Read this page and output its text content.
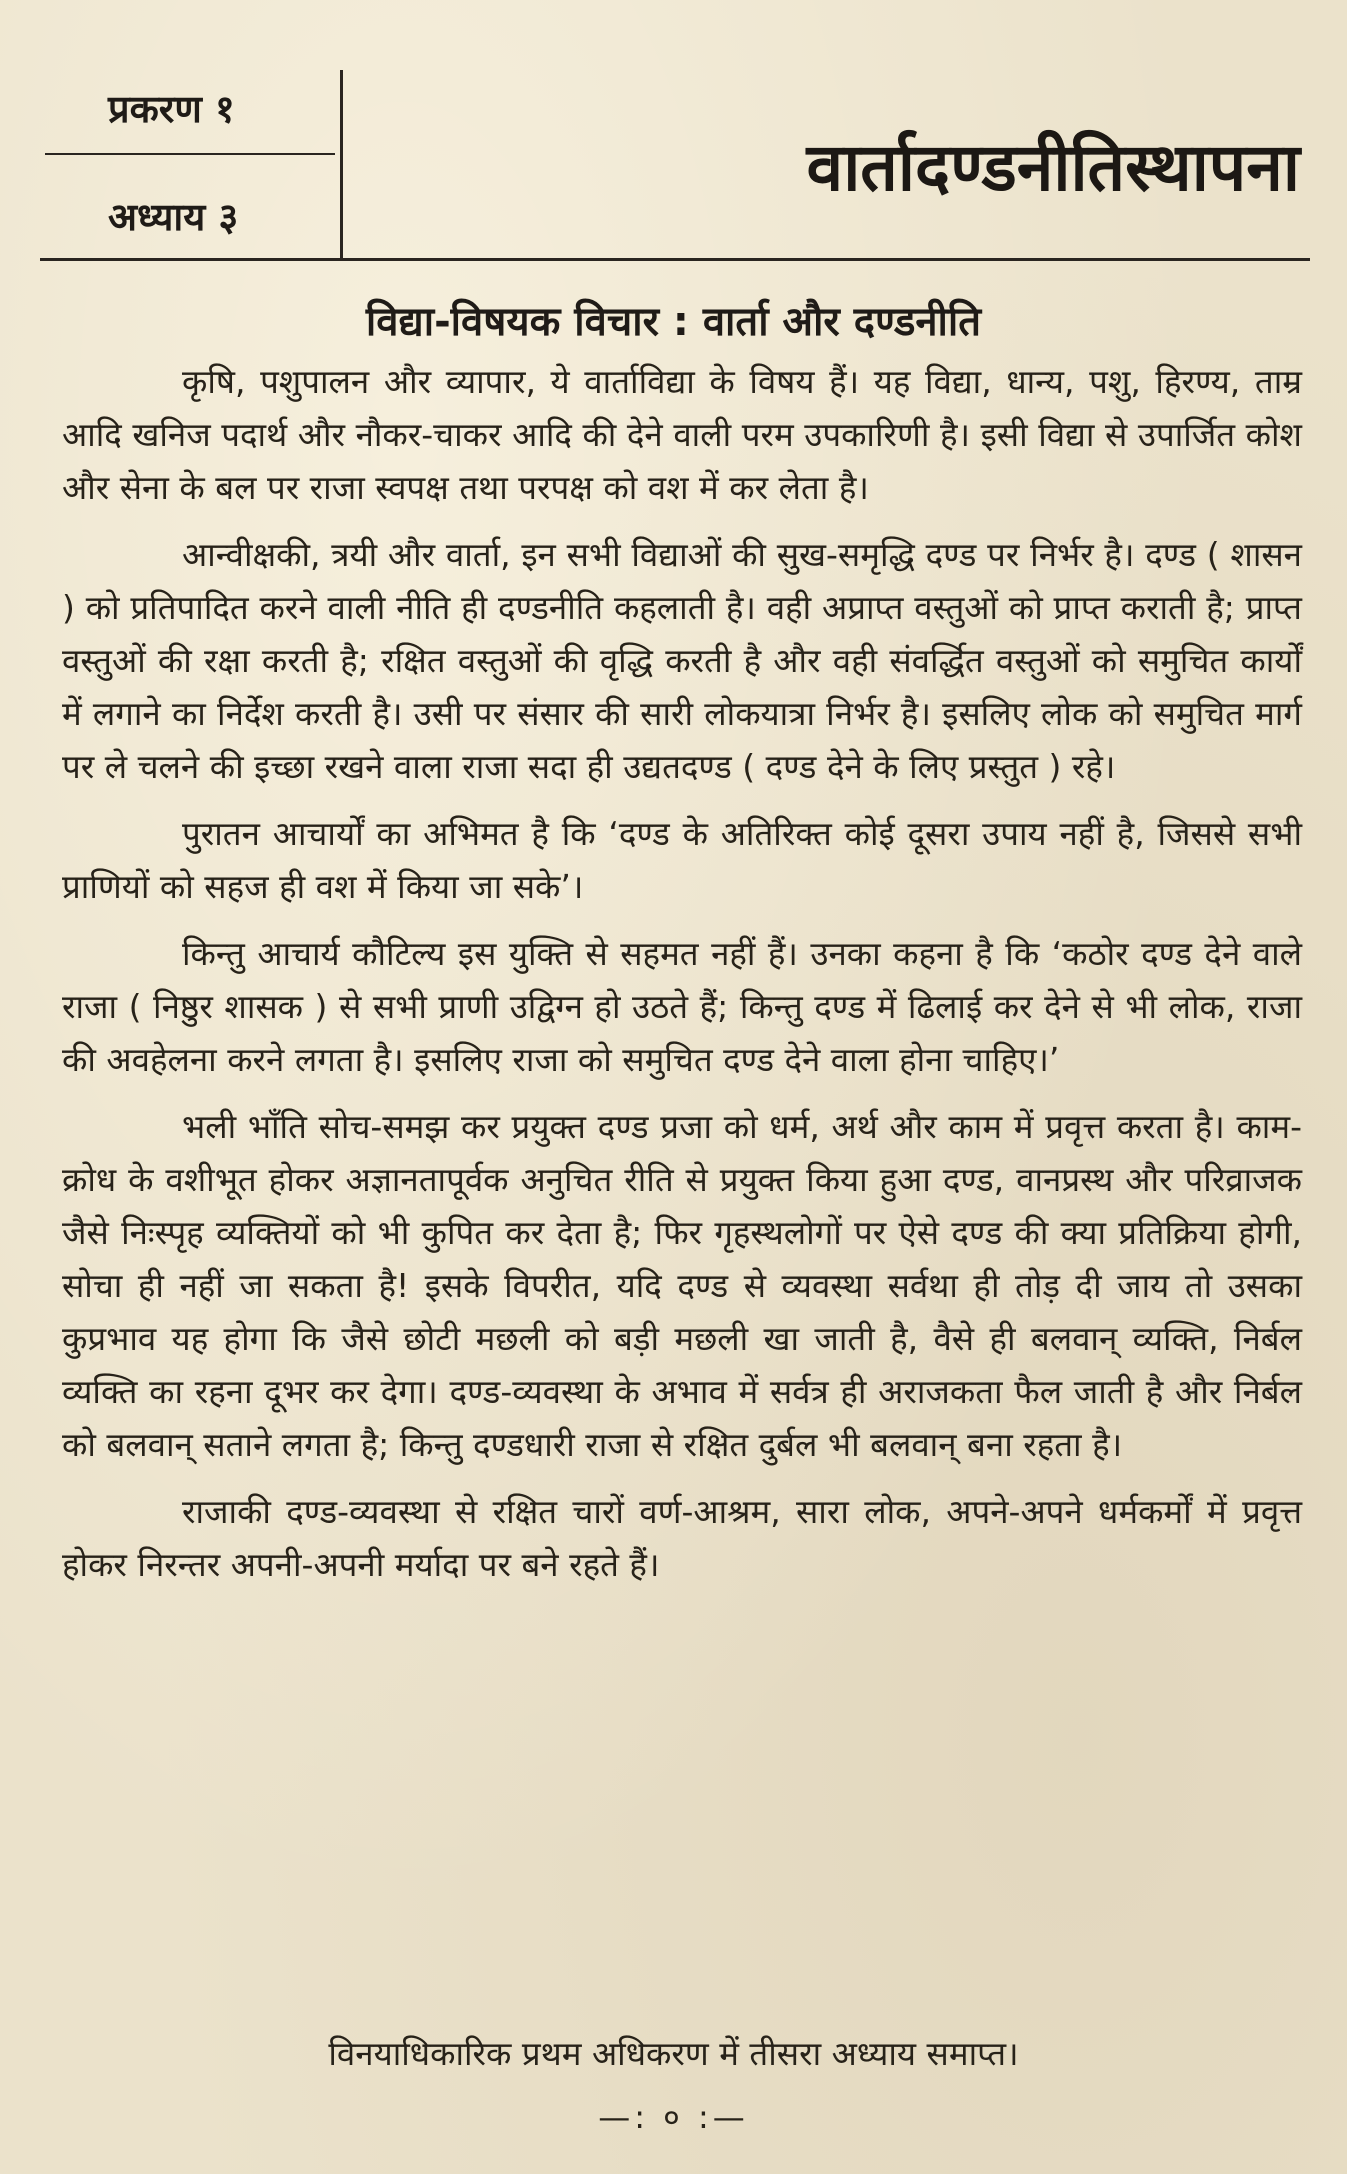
प्रकरण १
अध्याय ३
वार्तादण्डनीतिस्थापना
विद्या-विषयक विचार : वार्ता और दण्डनीति

कृषि, पशुपालन और व्यापार, ये वार्ताविद्या के विषय हैं। यह विद्या, धान्य, पशु, हिरण्य, ताम्र आदि खनिज पदार्थ और नौकर-चाकर आदि की देने वाली परम उपकारिणी है। इसी विद्या से उपार्जित कोश और सेना के बल पर राजा स्वपक्ष तथा परपक्ष को वश में कर लेता है।

आन्वीक्षकी, त्रयी और वार्ता, इन सभी विद्याओं की सुख-समृद्धि दण्ड पर निर्भर है। दण्ड ( शासन ) को प्रतिपादित करने वाली नीति ही दण्डनीति कहलाती है। वही अप्राप्त वस्तुओं को प्राप्त कराती है; प्राप्त वस्तुओं की रक्षा करती है; रक्षित वस्तुओं की वृद्धि करती है और वही संवर्द्धित वस्तुओं को समुचित कार्यों में लगाने का निर्देश करती है। उसी पर संसार की सारी लोकयात्रा निर्भर है। इसलिए लोक को समुचित मार्ग पर ले चलने की इच्छा रखने वाला राजा सदा ही उद्यतदण्ड ( दण्ड देने के लिए प्रस्तुत ) रहे।

पुरातन आचार्यों का अभिमत है कि ‘दण्ड के अतिरिक्त कोई दूसरा उपाय नहीं है, जिससे सभी प्राणियों को सहज ही वश में किया जा सके’।

किन्तु आचार्य कौटिल्य इस युक्ति से सहमत नहीं हैं। उनका कहना है कि ‘कठोर दण्ड देने वाले राजा ( निष्ठुर शासक ) से सभी प्राणी उद्विग्न हो उठते हैं; किन्तु दण्ड में ढिलाई कर देने से भी लोक, राजा की अवहेलना करने लगता है। इसलिए राजा को समुचित दण्ड देने वाला होना चाहिए।’

भली भाँति सोच-समझ कर प्रयुक्त दण्ड प्रजा को धर्म, अर्थ और काम में प्रवृत्त करता है। काम-क्रोध के वशीभूत होकर अज्ञानतापूर्वक अनुचित रीति से प्रयुक्त किया हुआ दण्ड, वानप्रस्थ और परिव्राजक जैसे निःस्पृह व्यक्तियों को भी कुपित कर देता है; फिर गृहस्थलोगों पर ऐसे दण्ड की क्या प्रतिक्रिया होगी, सोचा ही नहीं जा सकता है! इसके विपरीत, यदि दण्ड से व्यवस्था सर्वथा ही तोड़ दी जाय तो उसका कुप्रभाव यह होगा कि जैसे छोटी मछली को बड़ी मछली खा जाती है, वैसे ही बलवान् व्यक्ति, निर्बल व्यक्ति का रहना दूभर कर देगा। दण्ड-व्यवस्था के अभाव में सर्वत्र ही अराजकता फैल जाती है और निर्बल को बलवान् सताने लगता है; किन्तु दण्डधारी राजा से रक्षित दुर्बल भी बलवान् बना रहता है।

राजाकी दण्ड-व्यवस्था से रक्षित चारों वर्ण-आश्रम, सारा लोक, अपने-अपने धर्मकर्मों में प्रवृत्त होकर निरन्तर अपनी-अपनी मर्यादा पर बने रहते हैं।

विनयाधिकारिक प्रथम अधिकरण में तीसरा अध्याय समाप्त।
—: ० :—
